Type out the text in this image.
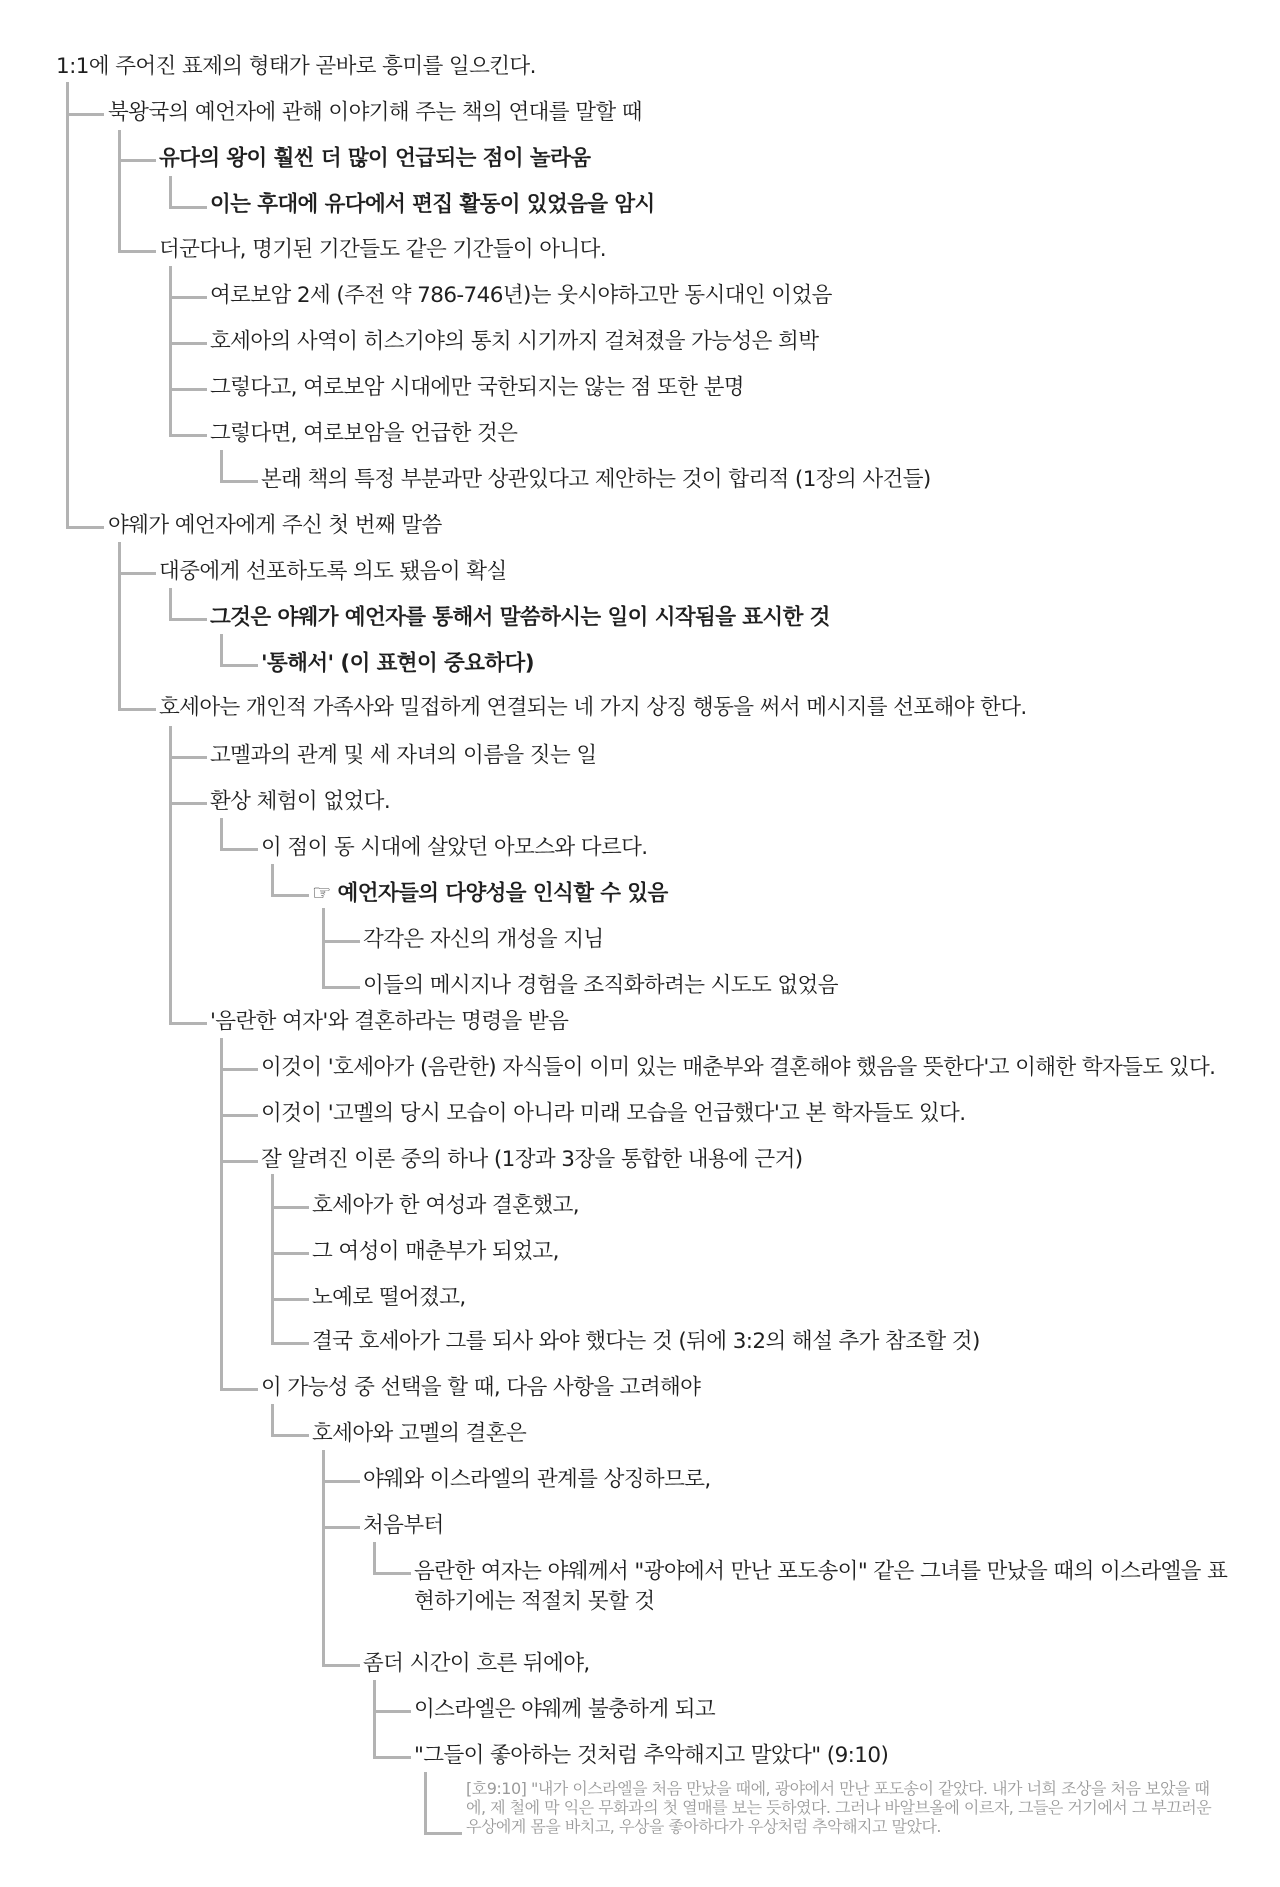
1:1에 주어진 표제의 형태가 곧바로 흥미를 일으킨다.
북왕국의 예언자에 관해 이야기해 주는 책의 연대를 말할 때
유다의 왕이 훨씬 더 많이 언급되는 점이 놀라움
이는 후대에 유다에서 편집 활동이 있었음을 암시
더군다나, 명기된 기간들도 같은 기간들이 아니다.
여로보암 2세 (주전 약 786-746년)는 웃시야하고만 동시대인 이었음
호세아의 사역이 히스기야의 통치 시기까지 걸쳐졌을 가능성은 희박
그렇다고, 여로보암 시대에만 국한되지는 않는 점 또한 분명
그렇다면, 여로보암을 언급한 것은
본래 책의 특정 부분과만 상관있다고 제안하는 것이 합리적 (1장의 사건들)
야웨가 예언자에게 주신 첫 번째 말씀
대중에게 선포하도록 의도 됐음이 확실
그것은 야웨가 예언자를 통해서 말씀하시는 일이 시작됨을 표시한 것
'통해서' (이 표현이 중요하다)
호세아는 개인적 가족사와 밀접하게 연결되는 네 가지 상징 행동을 써서 메시지를 선포해야 한다.
고멜과의 관계 및 세 자녀의 이름을 짓는 일
환상 체험이 없었다.
이 점이 동 시대에 살았던 아모스와 다르다.
☞ 예언자들의 다양성을 인식할 수 있음
각각은 자신의 개성을 지님
이들의 메시지나 경험을 조직화하려는 시도도 없었음
'음란한 여자'와 결혼하라는 명령을 받음
이것이 '호세아가 (음란한) 자식들이 이미 있는 매춘부와 결혼해야 했음을 뜻한다'고 이해한 학자들도 있다.
이것이 '고멜의 당시 모습이 아니라 미래 모습을 언급했다'고 본 학자들도 있다.
잘 알려진 이론 중의 하나 (1장과 3장을 통합한 내용에 근거)
호세아가 한 여성과 결혼했고,
그 여성이 매춘부가 되었고,
노예로 떨어졌고,
결국 호세아가 그를 되사 와야 했다는 것 (뒤에 3:2의 해설 추가 참조할 것)
이 가능성 중 선택을 할 때, 다음 사항을 고려해야
호세아와 고멜의 결혼은
야웨와 이스라엘의 관계를 상징하므로,
처음부터
음란한 여자는 야웨께서 "광야에서 만난 포도송이" 같은 그녀를 만났을 때의 이스라엘을 표현하기에는 적절치 못할 것
좀더 시간이 흐른 뒤에야,
이스라엘은 야웨께 불충하게 되고
"그들이 좋아하는 것처럼 추악해지고 말았다" (9:10)
[호9:10] "내가 이스라엘을 처음 만났을 때에, 광야에서 만난 포도송이 같았다. 내가 너희 조상을 처음 보았을 때에, 제 철에 막 익은 무화과의 첫 열매를 보는 듯하였다. 그러나 바알브올에 이르자, 그들은 거기에서 그 부끄러운 우상에게 몸을 바치고, 우상을 좋아하다가 우상처럼 추악해지고 말았다.
